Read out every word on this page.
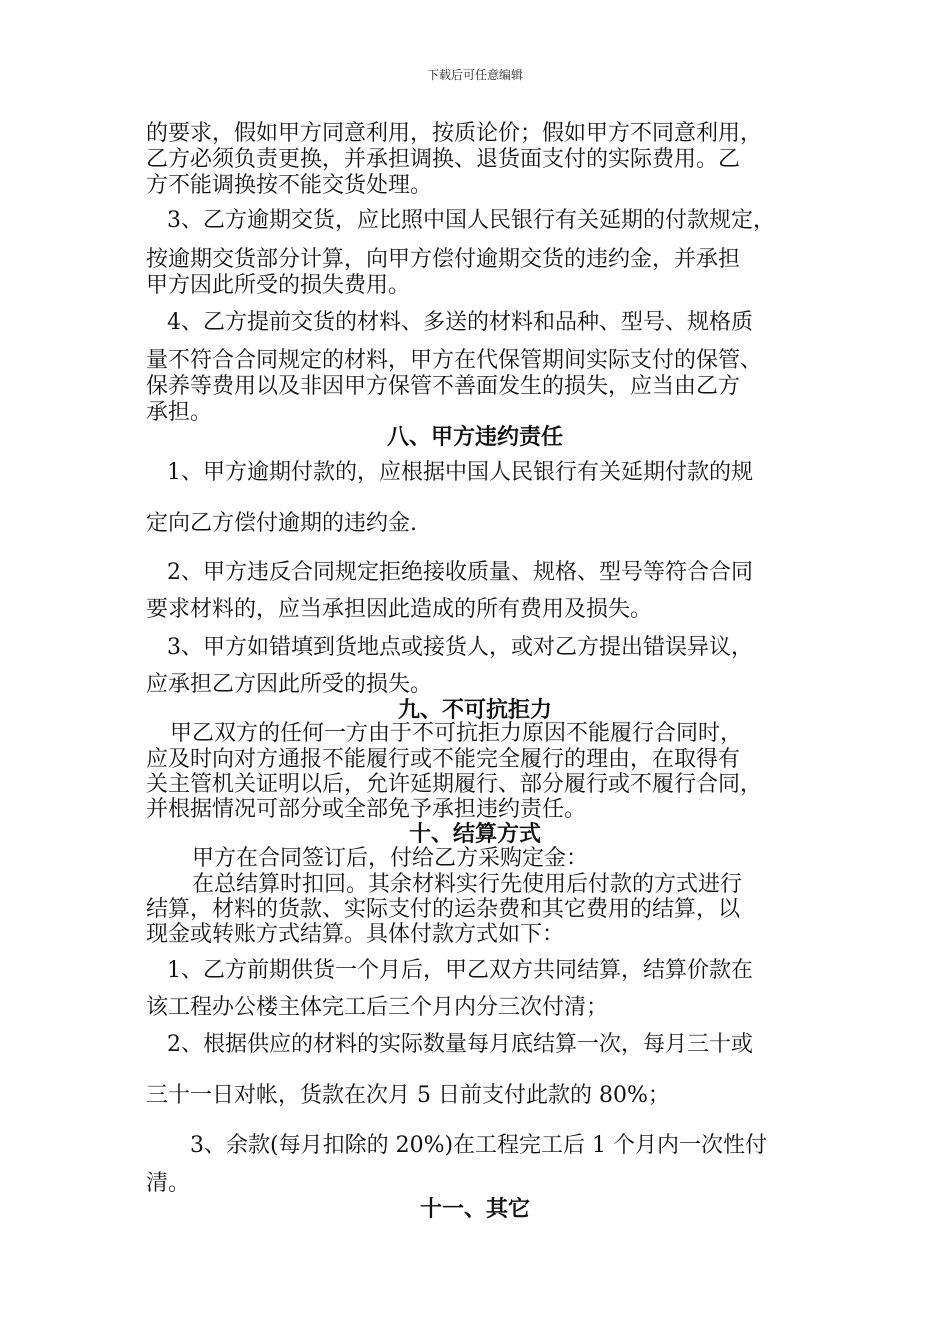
下载后可任意编辑
的要求，假如甲方同意利用，按质论价；假如甲方不同意利用，
乙方必须负责更换，并承担调换、退货面支付的实际费用。乙
方不能调换按不能交货处理。
3、乙方逾期交货，应比照中国人民银行有关延期的付款规定，
按逾期交货部分计算，向甲方偿付逾期交货的违约金，并承担
甲方因此所受的损失费用。
4、乙方提前交货的材料、多送的材料和品种、型号、规格质
量不符合合同规定的材料，甲方在代保管期间实际支付的保管、
保养等费用以及非因甲方保管不善面发生的损失，应当由乙方
承担。
八、甲方违约责任
1、甲方逾期付款的，应根据中国人民银行有关延期付款的规
定向乙方偿付逾期的违约金.
2、甲方违反合同规定拒绝接收质量、规格、型号等符合合同
要求材料的，应当承担因此造成的所有费用及损失。
3、甲方如错填到货地点或接货人，或对乙方提出错误异议，
应承担乙方因此所受的损失。
九、不可抗拒力
甲乙双方的任何一方由于不可抗拒力原因不能履行合同时，
应及时向对方通报不能履行或不能完全履行的理由，在取得有
关主管机关证明以后，允许延期履行、部分履行或不履行合同，
并根据情况可部分或全部免予承担违约责任。
十、结算方式
甲方在合同签订后，付给乙方采购定金：
在总结算时扣回。其余材料实行先使用后付款的方式进行
结算，材料的货款、实际支付的运杂费和其它费用的结算，以
现金或转账方式结算。具体付款方式如下：
1、乙方前期供货一个月后，甲乙双方共同结算，结算价款在
该工程办公楼主体完工后三个月内分三次付清；
2、根据供应的材料的实际数量每月底结算一次，每月三十或
三十一日对帐，货款在次月 5 日前支付此款的 80%；
3、余款(每月扣除的 20%)在工程完工后 1 个月内一次性付
清。
十一、其它
